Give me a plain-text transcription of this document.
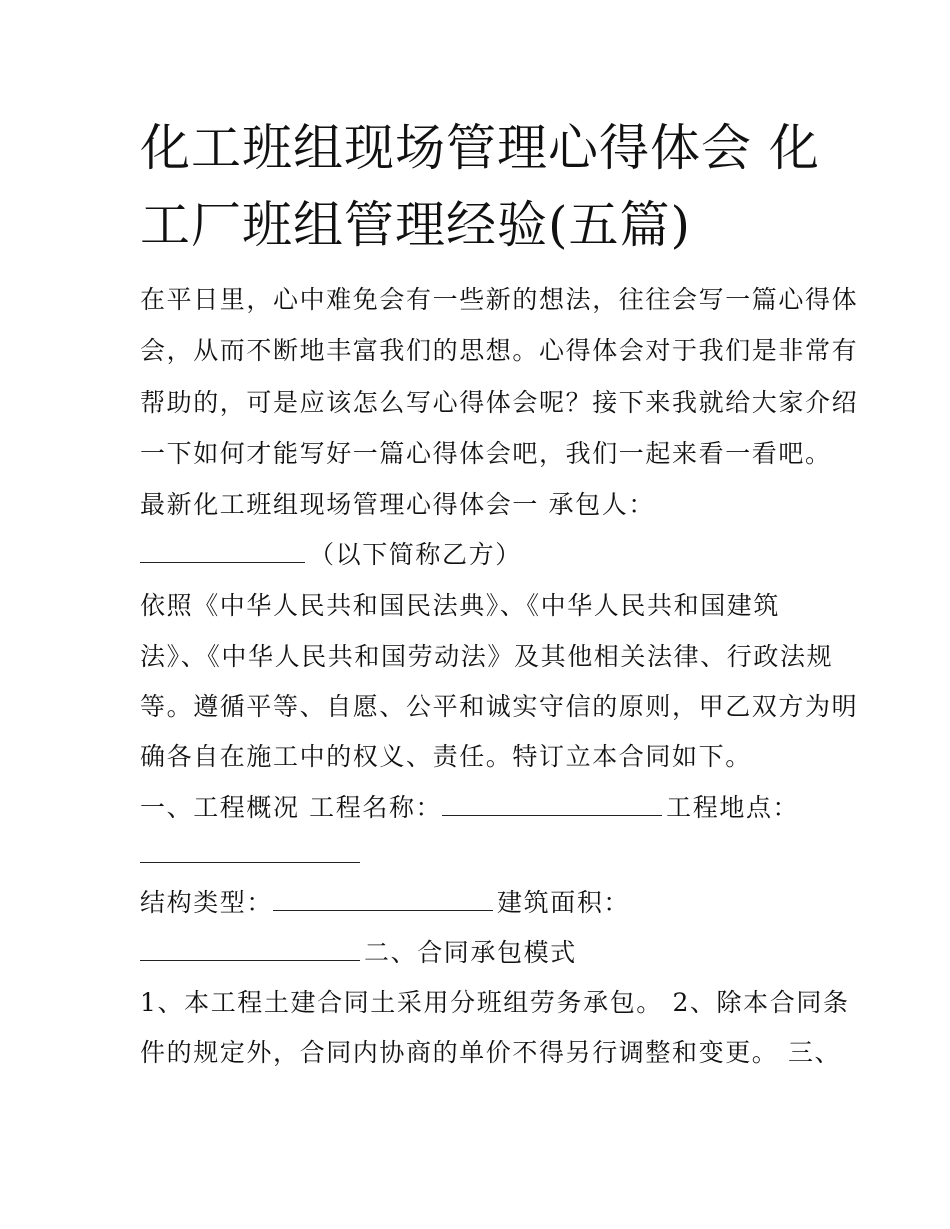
化工班组现场管理心得体会 化
工厂班组管理经验(五篇)
在平日里，心中难免会有一些新的想法，往往会写一篇心得体
会，从而不断地丰富我们的思想。心得体会对于我们是非常有
帮助的，可是应该怎么写心得体会呢？接下来我就给大家介绍
一下如何才能写好一篇心得体会吧，我们一起来看一看吧。
最新化工班组现场管理心得体会一 承包人：
（以下简称乙方）
依照《中华人民共和国民法典》、《中华人民共和国建筑
法》、《中华人民共和国劳动法》及其他相关法律、行政法规
等。遵循平等、自愿、公平和诚实守信的原则，甲乙双方为明
确各自在施工中的权义、责任。特订立本合同如下。
一、工程概况 工程名称：	工程地点：
结构类型：	建筑面积：
二、合同承包模式
1、本工程土建合同土采用分班组劳务承包。 2、除本合同条
件的规定外，合同内协商的单价不得另行调整和变更。 三、
